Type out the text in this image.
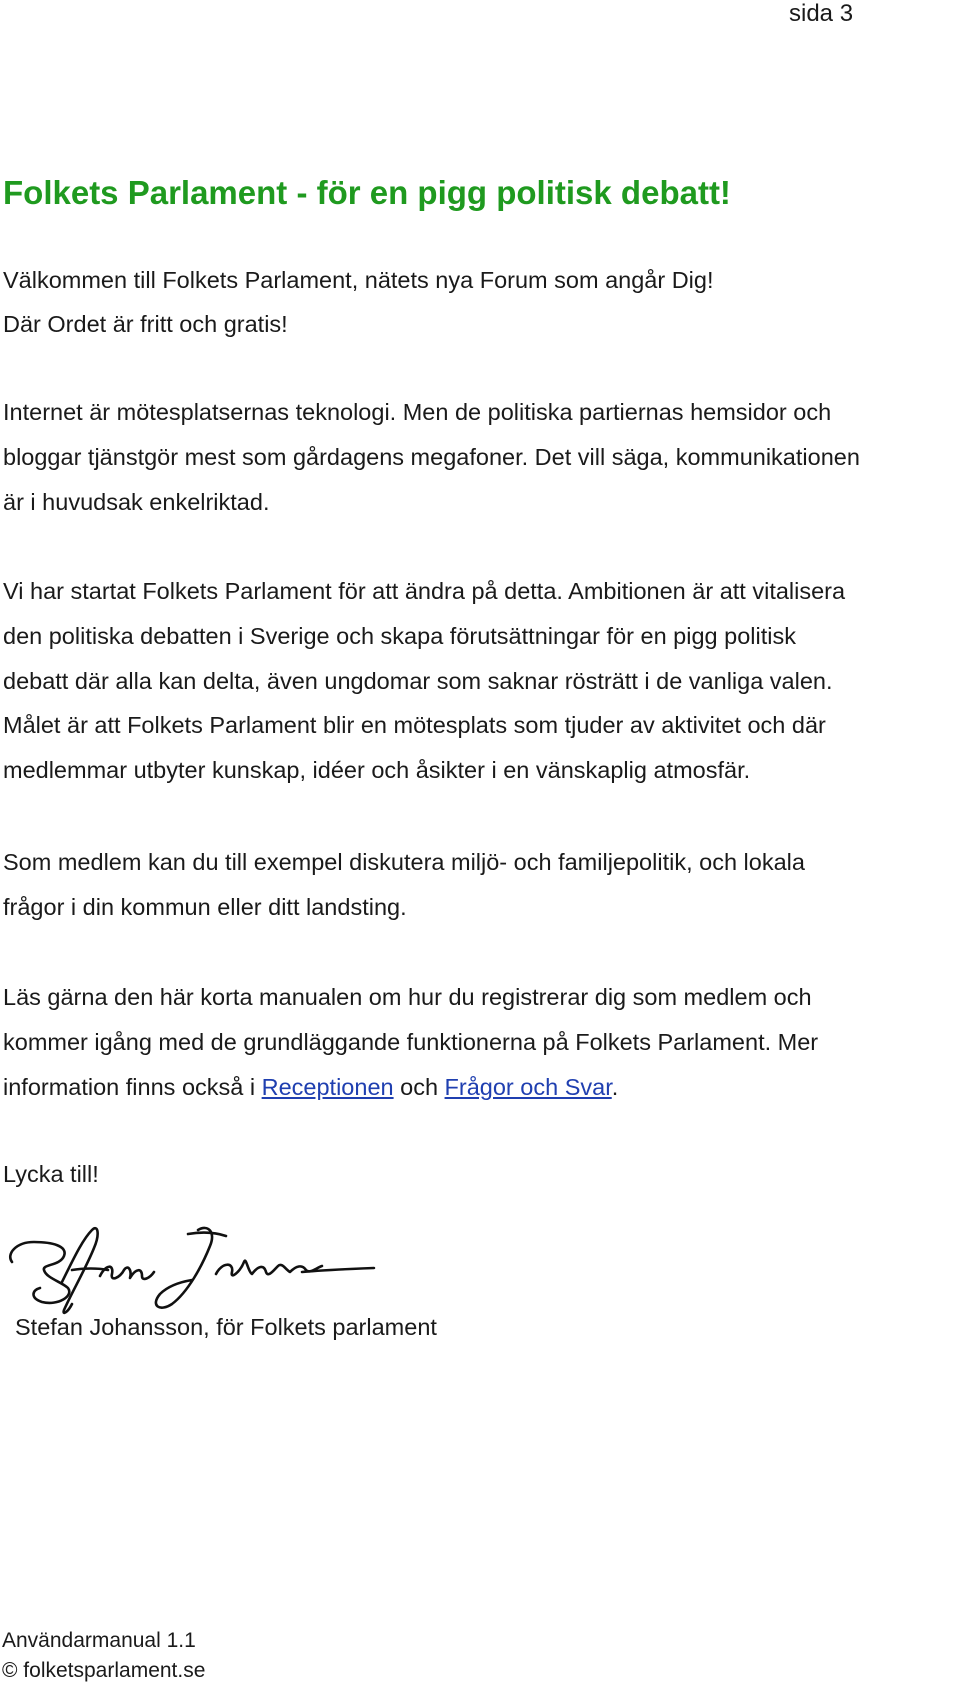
sida 3
Folkets Parlament - för en pigg politisk debatt!
Välkommen till Folkets Parlament, nätets nya Forum som angår Dig!
Där Ordet är fritt och gratis!
Internet är mötesplatsernas teknologi. Men de politiska partiernas hemsidor och
bloggar tjänstgör mest som gårdagens megafoner. Det vill säga, kommunikationen
är i huvudsak enkelriktad.
Vi har startat Folkets Parlament för att ändra på detta. Ambitionen är att vitalisera
den politiska debatten i Sverige och skapa förutsättningar för en pigg politisk
debatt där alla kan delta, även ungdomar som saknar rösträtt i de vanliga valen.
Målet är att Folkets Parlament blir en mötesplats som tjuder av aktivitet och där
medlemmar utbyter kunskap, idéer och åsikter i en vänskaplig atmosfär.
Som medlem kan du till exempel diskutera miljö- och familjepolitik, och lokala
frågor i din kommun eller ditt landsting.
Läs gärna den här korta manualen om hur du registrerar dig som medlem och
kommer igång med de grundläggande funktionerna på Folkets Parlament. Mer
information finns också i Receptionen och Frågor och Svar.
Lycka till!
Stefan Johansson, för Folkets parlament
Användarmanual 1.1
© folketsparlament.se
